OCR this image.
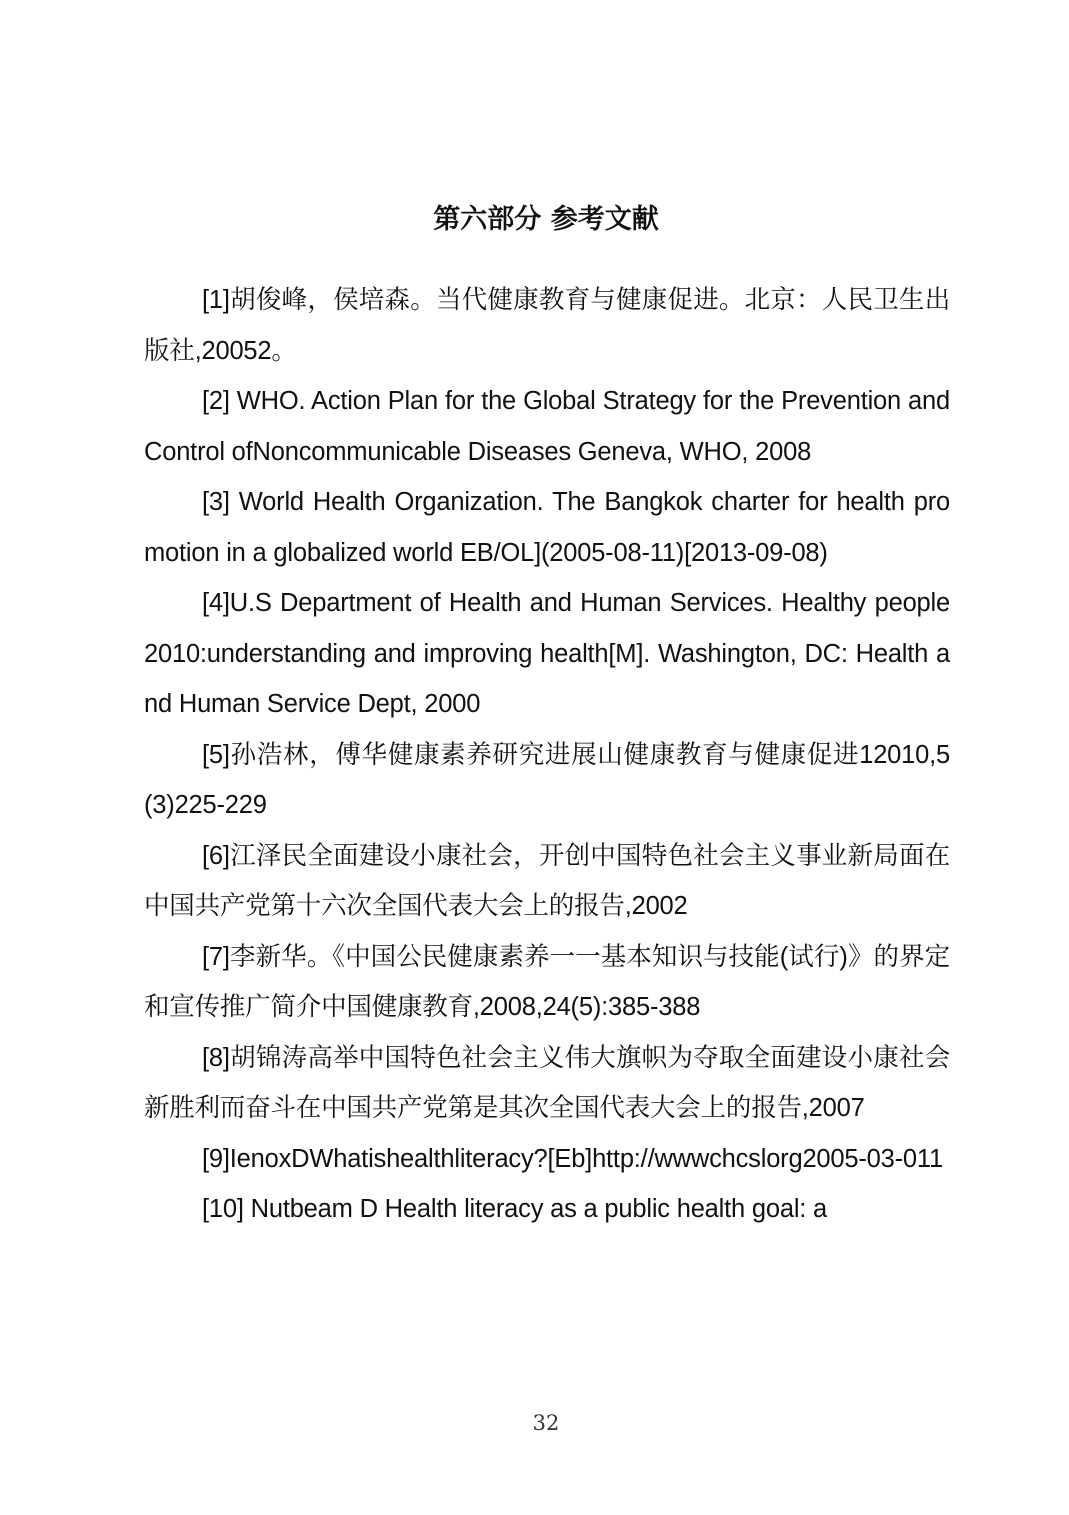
第六部分 参考文献

[1]胡俊峰，侯培森。当代健康教育与健康促进。北京：人民卫生出版社,20052。

[2] WHO. Action Plan for the Global Strategy for the Prevention and Control ofNoncommunicable Diseases Geneva, WHO, 2008

[3] World Health Organization. The Bangkok charter for health promotion in a globalized world EB/OL](2005-08-11)[2013-09-08)

[4]U.S Department of Health and Human Services. Healthy people 2010:understanding and improving health[M]. Washington, DC: Health and Human Service Dept, 2000

[5]孙浩林，傅华健康素养研究进展山健康教育与健康促进12010,5(3)225-229

[6]江泽民全面建设小康社会，开创中国特色社会主义事业新局面在中国共产党第十六次全国代表大会上的报告,2002

[7]李新华。《中国公民健康素养一一基本知识与技能(试行)》的界定和宣传推广简介中国健康教育,2008,24(5):385-388

[8]胡锦涛高举中国特色社会主义伟大旗帜为夺取全面建设小康社会新胜利而奋斗在中国共产党第是其次全国代表大会上的报告,2007

[9]IenoxDWhatishealthliteracy?[Eb]http://wwwchcslorg2005-03-011

[10] Nutbeam D Health literacy as a public health goal: a

32
